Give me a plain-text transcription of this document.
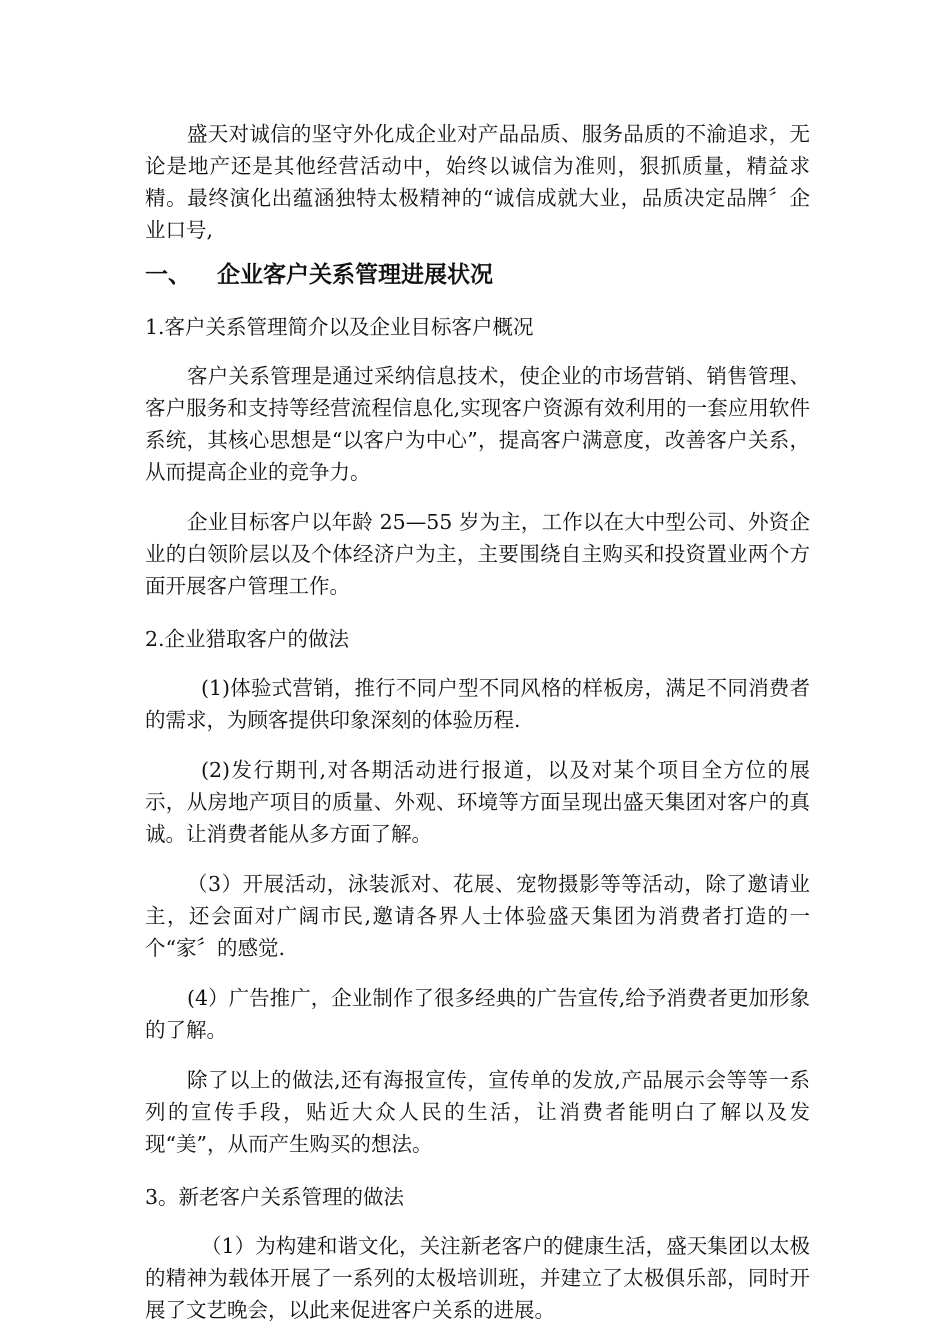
盛天对诚信的坚守外化成企业对产品品质、服务品质的不渝追求，无论是地产还是其他经营活动中，始终以诚信为准则，狠抓质量，精益求精。最终演化出蕴涵独特太极精神的“诚信成就大业，品质决定品牌〞企业口号,

一、 企业客户关系管理进展状况

1.客户关系管理简介以及企业目标客户概况

客户关系管理是通过采纳信息技术，使企业的市场营销、销售管理、客户服务和支持等经营流程信息化,实现客户资源有效利用的一套应用软件系统，其核心思想是“以客户为中心”，提高客户满意度，改善客户关系，从而提高企业的竞争力。

企业目标客户以年龄 25—55 岁为主，工作以在大中型公司、外资企业的白领阶层以及个体经济户为主，主要围绕自主购买和投资置业两个方面开展客户管理工作。

2.企业猎取客户的做法

(1)体验式营销，推行不同户型不同风格的样板房，满足不同消费者的需求，为顾客提供印象深刻的体验历程.

(2)发行期刊,对各期活动进行报道，以及对某个项目全方位的展示，从房地产项目的质量、外观、环境等方面呈现出盛天集团对客户的真诚。让消费者能从多方面了解。

（3）开展活动，泳装派对、花展、宠物摄影等等活动，除了邀请业主，还会面对广阔市民,邀请各界人士体验盛天集团为消费者打造的一个“家〞的感觉.

(4）广告推广，企业制作了很多经典的广告宣传,给予消费者更加形象的了解。

除了以上的做法,还有海报宣传，宣传单的发放,产品展示会等等一系列的宣传手段，贴近大众人民的生活，让消费者能明白了解以及发现“美”，从而产生购买的想法。

3。新老客户关系管理的做法

（1）为构建和谐文化，关注新老客户的健康生活，盛天集团以太极的精神为载体开展了一系列的太极培训班，并建立了太极俱乐部，同时开展了文艺晚会，以此来促进客户关系的进展。
